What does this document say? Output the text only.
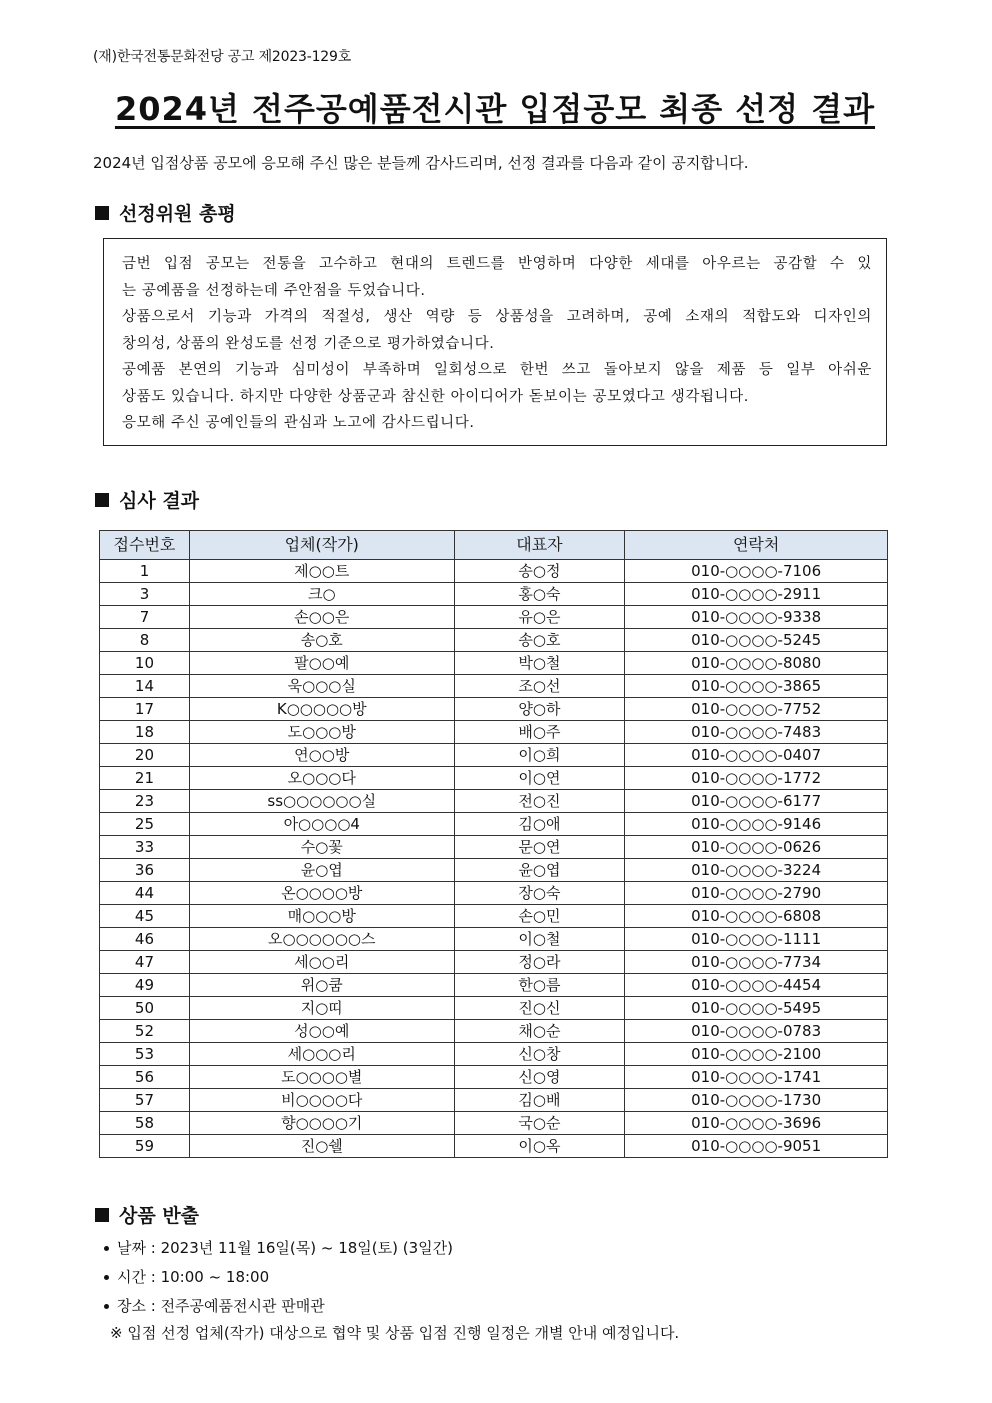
(재)한국전통문화전당 공고 제2023-129호
2024년 전주공예품전시관 입점공모 최종 선정 결과
2024년 입점상품 공모에 응모해 주신 많은 분들께 감사드리며, 선정 결과를 다음과 같이 공지합니다.
선정위원 총평
금번 입점 공모는 전통을 고수하고 현대의 트렌드를 반영하며 다양한 세대를 아우르는 공감할 수 있
는 공예품을 선정하는데 주안점을 두었습니다.
상품으로서 기능과 가격의 적절성, 생산 역량 등 상품성을 고려하며, 공예 소재의 적합도와 디자인의
창의성, 상품의 완성도를 선정 기준으로 평가하였습니다.
공예품 본연의 기능과 심미성이 부족하며 일회성으로 한번 쓰고 돌아보지 않을 제품 등 일부 아쉬운
상품도 있습니다. 하지만 다양한 상품군과 참신한 아이디어가 돋보이는 공모였다고 생각됩니다.
응모해 주신 공예인들의 관심과 노고에 감사드립니다.
심사 결과
접수번호	업체(작가)	대표자	연락처
1	제○○트	송○정	010-○○○○-7106
3	크○	홍○숙	010-○○○○-2911
7	손○○은	유○은	010-○○○○-9338
8	송○호	송○호	010-○○○○-5245
10	팔○○예	박○철	010-○○○○-8080
14	욱○○○실	조○선	010-○○○○-3865
17	K○○○○○방	양○하	010-○○○○-7752
18	도○○○방	배○주	010-○○○○-7483
20	연○○방	이○희	010-○○○○-0407
21	오○○○다	이○연	010-○○○○-1772
23	ss○○○○○○실	전○진	010-○○○○-6177
25	아○○○○4	김○애	010-○○○○-9146
33	수○꽃	문○연	010-○○○○-0626
36	윤○엽	윤○엽	010-○○○○-3224
44	온○○○○방	장○숙	010-○○○○-2790
45	매○○○방	손○민	010-○○○○-6808
46	오○○○○○○스	이○철	010-○○○○-1111
47	세○○리	정○라	010-○○○○-7734
49	위○쿰	한○름	010-○○○○-4454
50	지○띠	진○신	010-○○○○-5495
52	성○○예	채○순	010-○○○○-0783
53	세○○○리	신○창	010-○○○○-2100
56	도○○○○별	신○영	010-○○○○-1741
57	비○○○○다	김○배	010-○○○○-1730
58	향○○○○기	국○순	010-○○○○-3696
59	진○쉘	이○옥	010-○○○○-9051
상품 반출
날짜 : 2023년 11월 16일(목) ~ 18일(토) (3일간)
시간 : 10:00 ~ 18:00
장소 : 전주공예품전시관 판매관
※ 입점 선정 업체(작가) 대상으로 협약 및 상품 입점 진행 일정은 개별 안내 예정입니다.
